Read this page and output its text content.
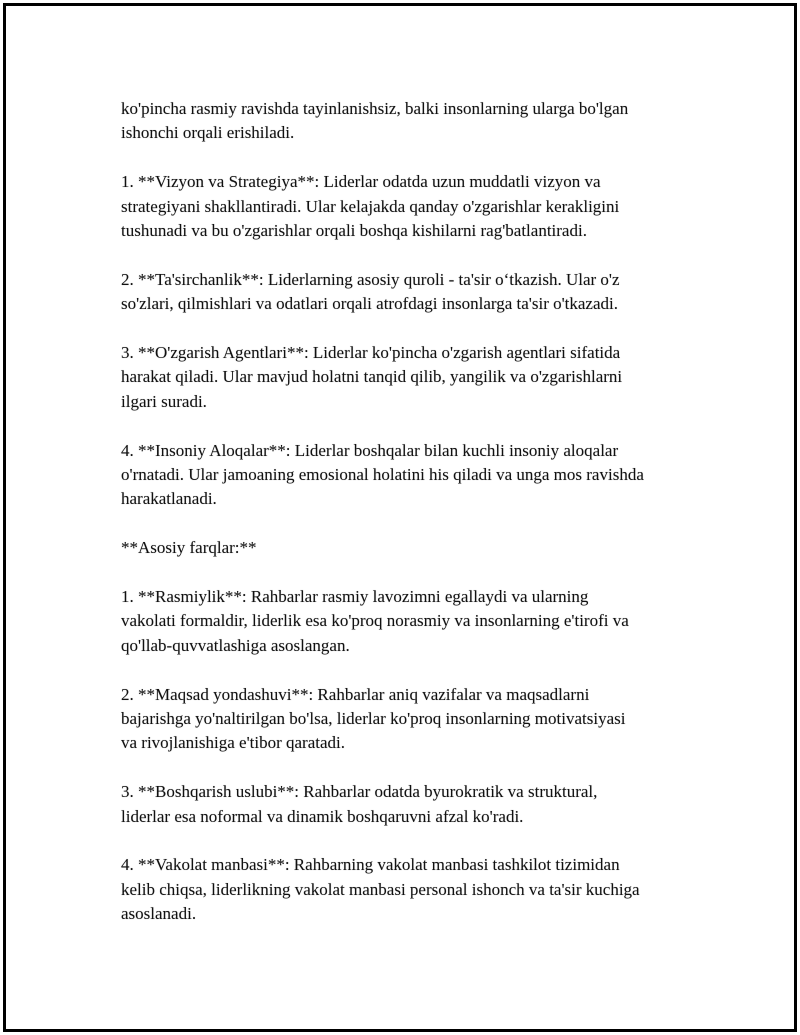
ko'pincha rasmiy ravishda tayinlanishsiz, balki insonlarning ularga bo'lgan
ishonchi orqali erishiladi.

1. **Vizyon va Strategiya**: Liderlar odatda uzun muddatli vizyon va
strategiyani shakllantiradi. Ular kelajakda qanday o'zgarishlar kerakligini
tushunadi va bu o'zgarishlar orqali boshqa kishilarni rag'batlantiradi.

2. **Ta'sirchanlik**: Liderlarning asosiy quroli - ta'sir o‘tkazish. Ular o'z
so'zlari, qilmishlari va odatlari orqali atrofdagi insonlarga ta'sir o'tkazadi.

3. **O'zgarish Agentlari**: Liderlar ko'pincha o'zgarish agentlari sifatida
harakat qiladi. Ular mavjud holatni tanqid qilib, yangilik va o'zgarishlarni
ilgari suradi.

4. **Insoniy Aloqalar**: Liderlar boshqalar bilan kuchli insoniy aloqalar
o'rnatadi. Ular jamoaning emosional holatini his qiladi va unga mos ravishda
harakatlanadi.

**Asosiy farqlar:**

1. **Rasmiylik**: Rahbarlar rasmiy lavozimni egallaydi va ularning
vakolati formaldir, liderlik esa ko'proq norasmiy va insonlarning e'tirofi va
qo'llab-quvvatlashiga asoslangan.

2. **Maqsad yondashuvi**: Rahbarlar aniq vazifalar va maqsadlarni
bajarishga yo'naltirilgan bo'lsa, liderlar ko'proq insonlarning motivatsiyasi
va rivojlanishiga e'tibor qaratadi.

3. **Boshqarish uslubi**: Rahbarlar odatda byurokratik va struktural,
liderlar esa noformal va dinamik boshqaruvni afzal ko'radi.

4. **Vakolat manbasi**: Rahbarning vakolat manbasi tashkilot tizimidan
kelib chiqsa, liderlikning vakolat manbasi personal ishonch va ta'sir kuchiga
asoslanadi.
